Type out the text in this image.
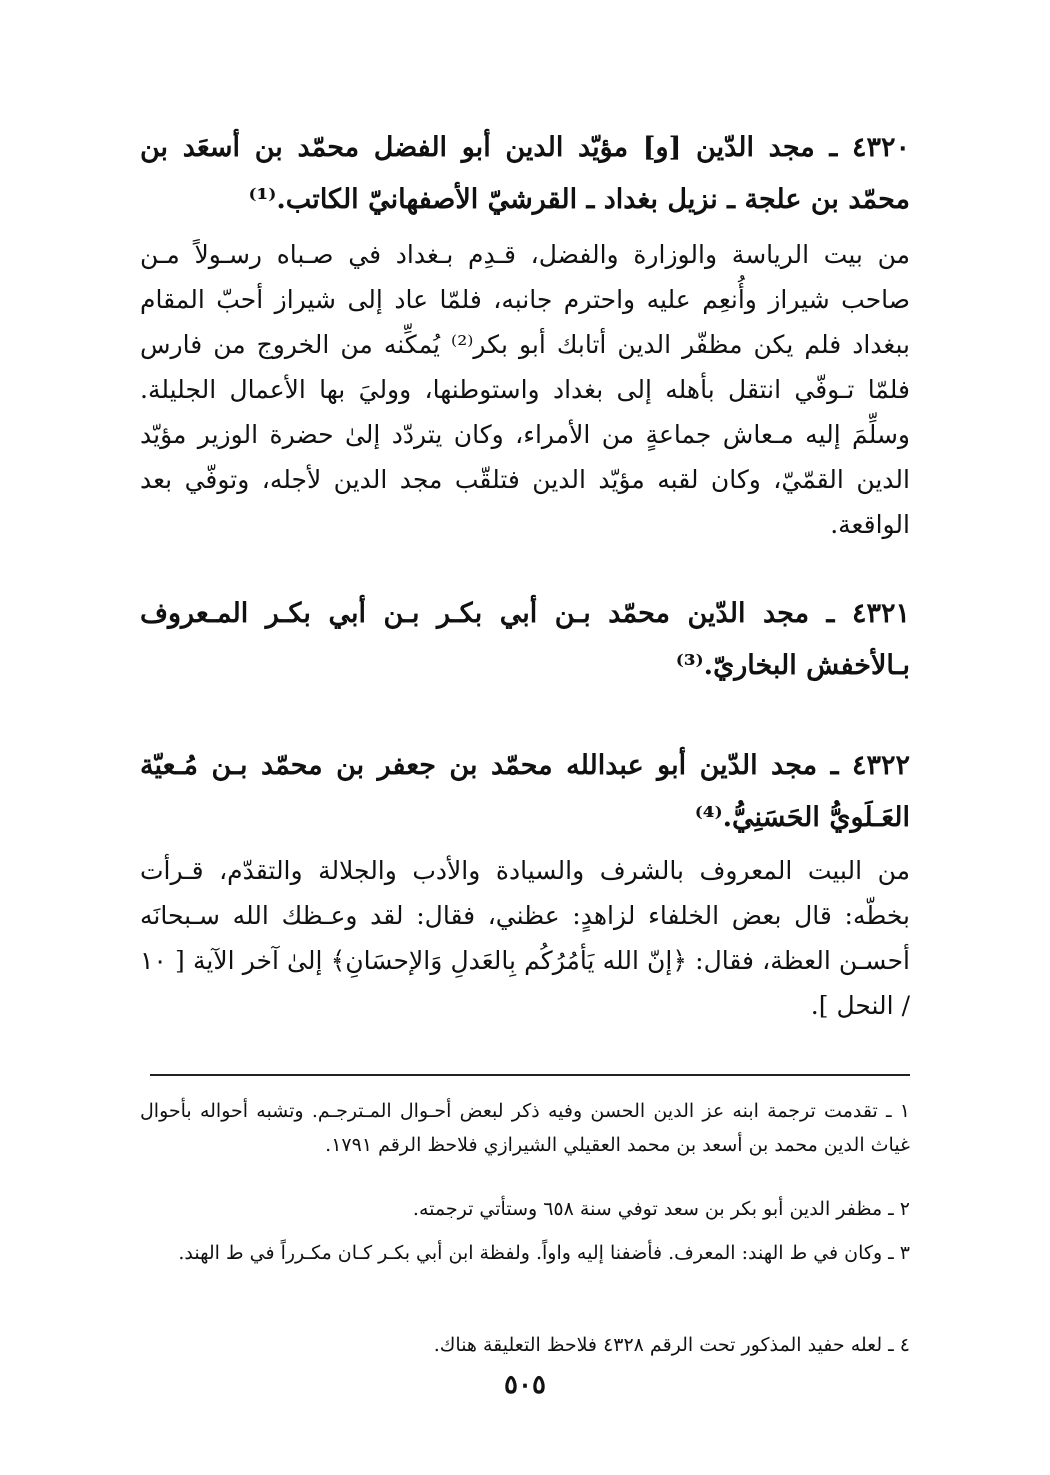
٤٣٢٠ ـ مجد الدّين [و] مؤيّد الدين أبو الفضل محمّد بن أسعَد بن محمّد بن علجة ـ نزيل بغداد ـ القرشيّ الأصفهانيّ الكاتب.⁽¹⁾
من بيت الرياسة والوزارة والفضل، قـدِم بـغداد في صـباه رسـولاً مـن صاحب شيراز وأُنعِم عليه واحترم جانبه، فلمّا عاد إلى شيراز أحبّ المقام ببغداد فلم يكن مظفّر الدين أتابك أبو بكر⁽²⁾ يُمكِّنه من الخروج من فارس فلمّا تـوفّي انتقل بأهله إلى بغداد واستوطنها، ووليَ بها الأعمال الجليلة. وسلِّمَ إليه مـعاش جماعةٍ من الأمراء، وكان يتردّد إلىٰ حضرة الوزير مؤيّد الدين القمّيّ، وكان لقبه مؤيّد الدين فتلقّب مجد الدين لأجله، وتوفّي بعد الواقعة.
٤٣٢١ ـ مجد الدّين محمّد بـن أبي بكـر بـن أبي بكـر المـعروف بـالأخفش البخاريّ.⁽³⁾
٤٣٢٢ ـ مجد الدّين أبو عبدالله محمّد بن جعفر بن محمّد بـن مُـعيّة العَـلَويُّ الحَسَنِيُّ.⁽⁴⁾
من البيت المعروف بالشرف والسيادة والأدب والجلالة والتقدّم، قـرأت بخطّه: قال بعض الخلفاء لزاهدٍ: عظني، فقال: لقد وعـظك الله سـبحانَه أحسـن العظة، فقال: ﴿إنّ الله يَأمُرُكُم بِالعَدلِ وَالإحسَانِ﴾ إلىٰ آخر الآية [ ١٠ / النحل ].
١ ـ تقدمت ترجمة ابنه عز الدين الحسن وفيه ذكر لبعض أحـوال المـترجـم. وتشبه أحواله بأحوال غياث الدين محمد بن أسعد بن محمد العقيلي الشيرازي فلاحظ الرقم ١٧٩١.
٢ ـ مظفر الدين أبو بكر بن سعد توفي سنة ٦٥٨ وستأتي ترجمته.
٣ ـ وكان في ط الهند: المعرف. فأضفنا إليه واواً. ولفظة ابن أبي بكـر كـان مكـرراً في ط الهند.
٤ ـ لعله حفيد المذكور تحت الرقم ٤٣٢٨ فلاحظ التعليقة هناك.
٥٠٥
